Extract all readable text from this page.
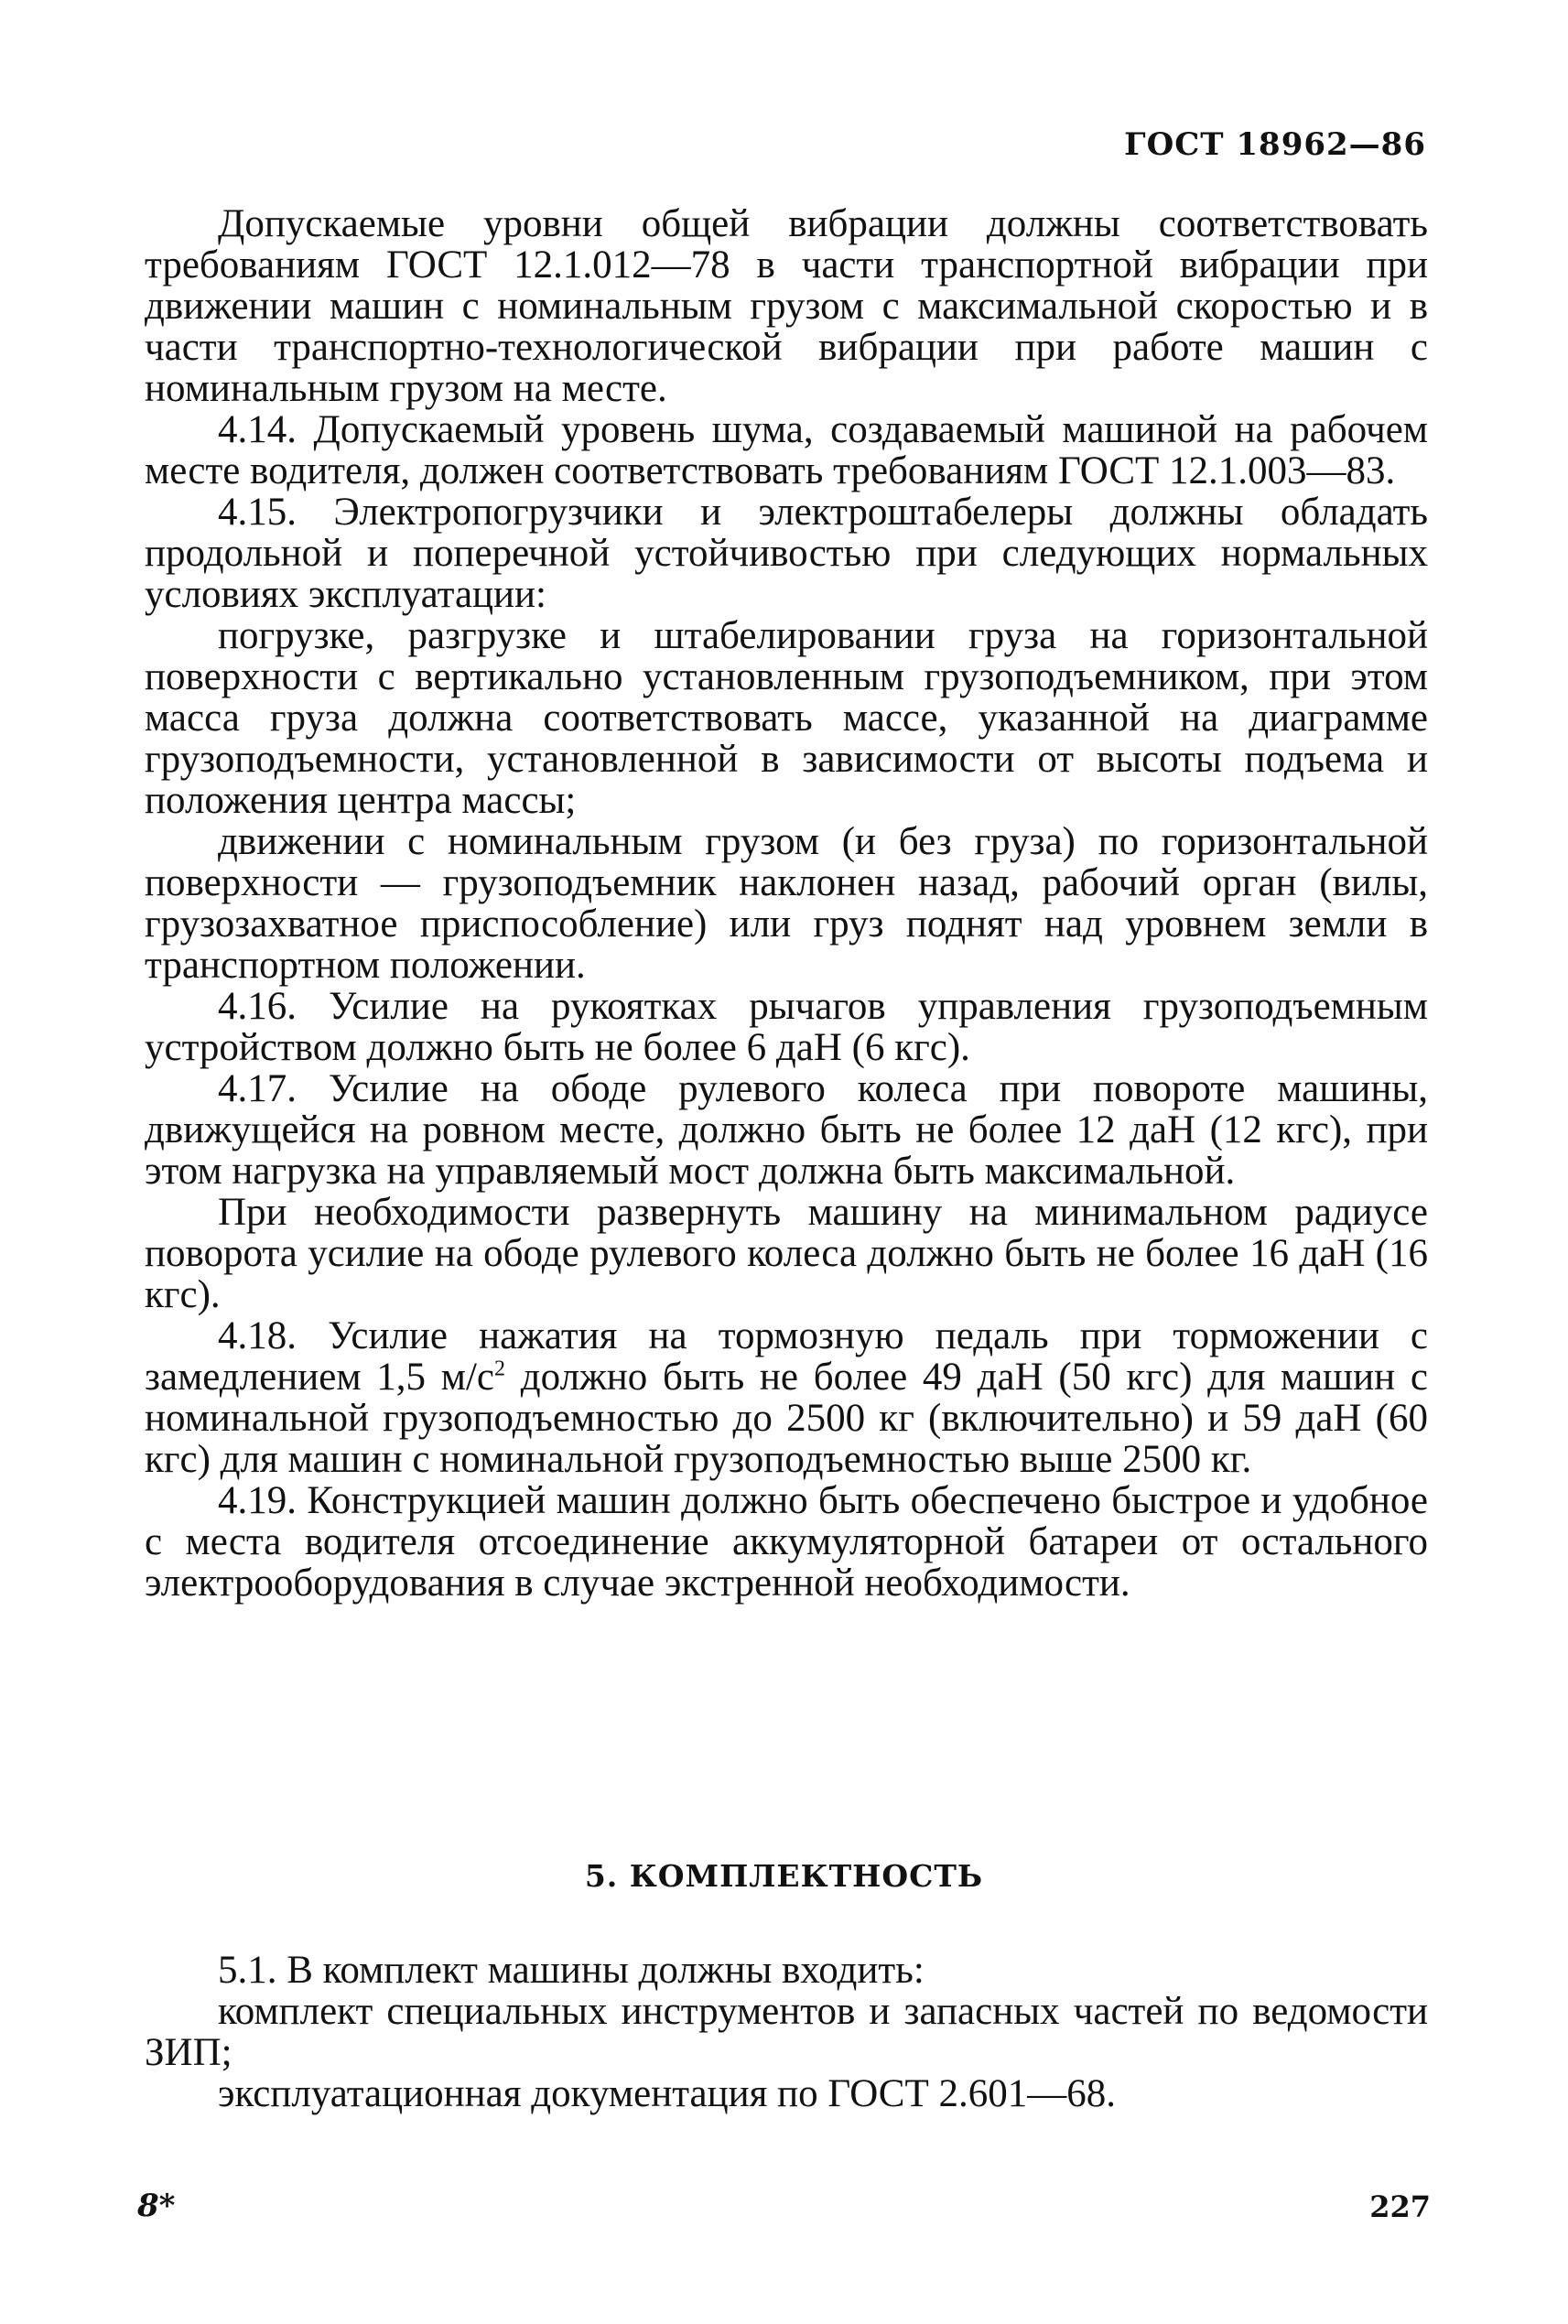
ГОСТ 18962—86

Допускаемые уровни общей вибрации должны соответствовать требованиям ГОСТ 12.1.012—78 в части транспортной вибрации при движении машин с номинальным грузом с максимальной скоростью и в части транспортно-технологической вибрации при работе машин с номинальным грузом на месте.

4.14. Допускаемый уровень шума, создаваемый машиной на рабочем месте водителя, должен соответствовать требованиям ГОСТ 12.1.003—83.

4.15. Электропогрузчики и электроштабелеры должны обладать продольной и поперечной устойчивостью при следующих нормальных условиях эксплуатации:

погрузке, разгрузке и штабелировании груза на горизонтальной поверхности с вертикально установленным грузоподъемником, при этом масса груза должна соответствовать массе, указанной на диаграмме грузоподъемности, установленной в зависимости от высоты подъема и положения центра массы;

движении с номинальным грузом (и без груза) по горизонтальной поверхности — грузоподъемник наклонен назад, рабочий орган (вилы, грузозахватное приспособление) или груз поднят над уровнем земли в транспортном положении.

4.16. Усилие на рукоятках рычагов управления грузоподъемным устройством должно быть не более 6 даН (6 кгс).

4.17. Усилие на ободе рулевого колеса при повороте машины, движущейся на ровном месте, должно быть не более 12 даН (12 кгс), при этом нагрузка на управляемый мост должна быть максимальной.

При необходимости развернуть машину на минимальном радиусе поворота усилие на ободе рулевого колеса должно быть не более 16 даН (16 кгс).

4.18. Усилие нажатия на тормозную педаль при торможении с замедлением 1,5 $м/с^2$ должно быть не более 49 даН (50 кгс) для машин с номинальной грузоподъемностью до 2500 кг (включительно) и 59 даН (60 кгс) для машин с номинальной грузоподъемностью выше 2500 кг.

4.19. Конструкцией машин должно быть обеспечено быстрое и удобное с места водителя отсоединение аккумуляторной батареи от остального электрооборудования в случае экстренной необходимости.

5. КОМПЛЕКТНОСТЬ

5.1. В комплект машины должны входить:

комплект специальных инструментов и запасных частей по ведомости ЗИП;

эксплуатационная документация по ГОСТ 2.601—68.

8*	227
